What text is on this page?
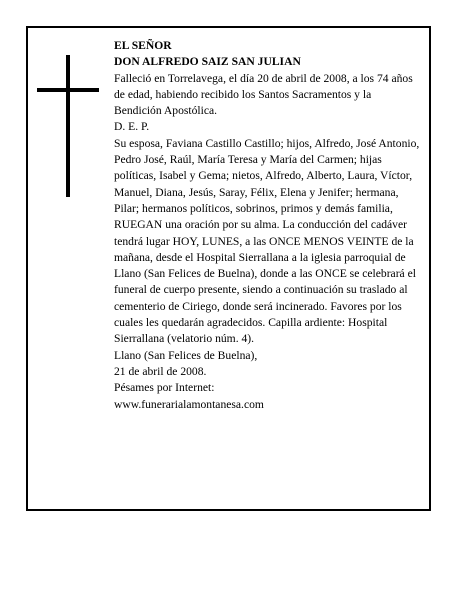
EL SEÑOR

DON ALFREDO SAIZ SAN JULIAN

Falleció en Torrelavega, el día 20 de abril de 2008, a los 74 años de edad, habiendo recibido los Santos Sacramentos y la Bendición Apostólica.

D. E. P.

Su esposa, Faviana Castillo Castillo; hijos, Alfredo, José Antonio, Pedro José, Raúl, María Teresa y María del Carmen; hijas políticas, Isabel y Gema; nietos, Alfredo, Alberto, Laura, Víctor, Manuel, Diana, Jesús, Saray, Félix, Elena y Jenifer; hermana, Pilar; hermanos políticos, sobrinos, primos y demás familia,

RUEGAN una oración por su alma. La conducción del cadáver tendrá lugar HOY, LUNES, a las ONCE MENOS VEINTE de la mañana, desde el Hospital Sierrallana a la iglesia parroquial de Llano (San Felices de Buelna), donde a las ONCE se celebrará el funeral de cuerpo presente, siendo a continuación su traslado al cementerio de Ciriego, donde será incinerado. Favores por los cuales les quedarán agradecidos. Capilla ardiente: Hospital Sierrallana (velatorio núm. 4).

Llano (San Felices de Buelna),

21 de abril de 2008.

Pésames por Internet:

www.funerarialamontanesa.com
